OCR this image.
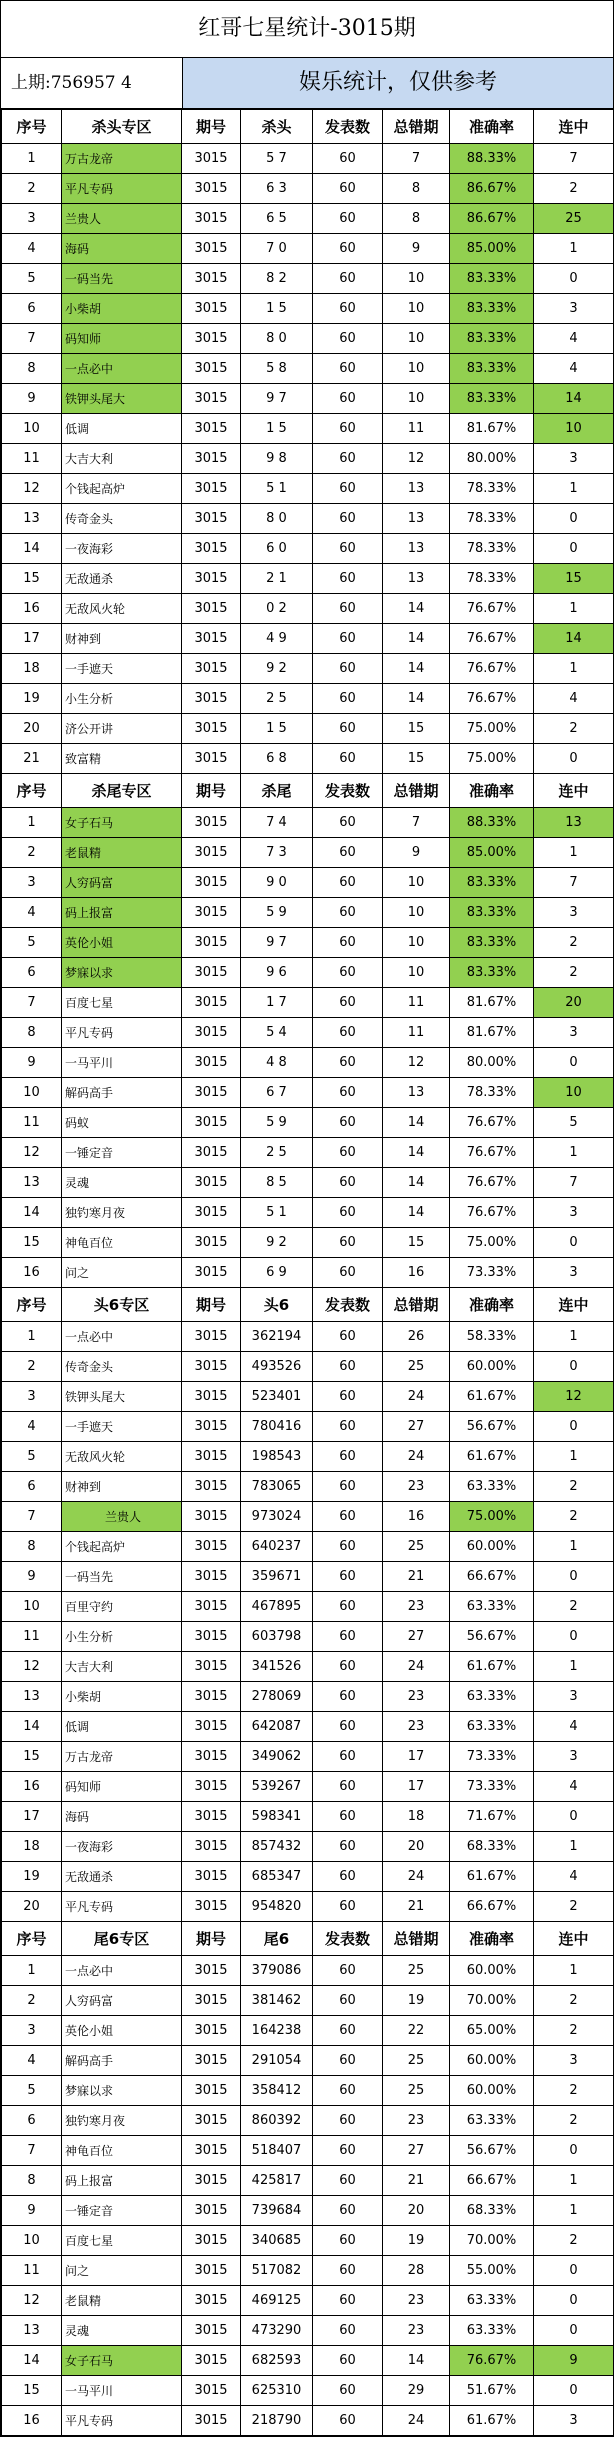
红哥七星统计-3015期
上期:756957 4	娱乐统计，仅供参考
序号	杀头专区	期号	杀头	发表数	总错期	准确率	连中
1	万古龙帝	3015	5 7	60	7	88.33%	7
2	平凡专码	3015	6 3	60	8	86.67%	2
3	兰贵人	3015	6 5	60	8	86.67%	25
4	海码	3015	7 0	60	9	85.00%	1
5	一码当先	3015	8 2	60	10	83.33%	0
6	小柴胡	3015	1 5	60	10	83.33%	3
7	码知师	3015	8 0	60	10	83.33%	4
8	一点必中	3015	5 8	60	10	83.33%	4
9	铁钾头尾大	3015	9 7	60	10	83.33%	14
10	低调	3015	1 5	60	11	81.67%	10
11	大吉大利	3015	9 8	60	12	80.00%	3
12	个钱起高炉	3015	5 1	60	13	78.33%	1
13	传奇金头	3015	8 0	60	13	78.33%	0
14	一夜海彩	3015	6 0	60	13	78.33%	0
15	无敌通杀	3015	2 1	60	13	78.33%	15
16	无敌风火轮	3015	0 2	60	14	76.67%	1
17	财神到	3015	4 9	60	14	76.67%	14
18	一手遮天	3015	9 2	60	14	76.67%	1
19	小生分析	3015	2 5	60	14	76.67%	4
20	济公开讲	3015	1 5	60	15	75.00%	2
21	致富精	3015	6 8	60	15	75.00%	0
序号	杀尾专区	期号	杀尾	发表数	总错期	准确率	连中
1	女子石马	3015	7 4	60	7	88.33%	13
2	老鼠精	3015	7 3	60	9	85.00%	1
3	人穷码富	3015	9 0	60	10	83.33%	7
4	码上报富	3015	5 9	60	10	83.33%	3
5	英伦小姐	3015	9 7	60	10	83.33%	2
6	梦寐以求	3015	9 6	60	10	83.33%	2
7	百度七星	3015	1 7	60	11	81.67%	20
8	平凡专码	3015	5 4	60	11	81.67%	3
9	一马平川	3015	4 8	60	12	80.00%	0
10	解码高手	3015	6 7	60	13	78.33%	10
11	码蚁	3015	5 9	60	14	76.67%	5
12	一锤定音	3015	2 5	60	14	76.67%	1
13	灵魂	3015	8 5	60	14	76.67%	7
14	独钓寒月夜	3015	5 1	60	14	76.67%	3
15	神龟百位	3015	9 2	60	15	75.00%	0
16	问之	3015	6 9	60	16	73.33%	3
序号	头6专区	期号	头6	发表数	总错期	准确率	连中
1	一点必中	3015	362194	60	26	58.33%	1
2	传奇金头	3015	493526	60	25	60.00%	0
3	铁钾头尾大	3015	523401	60	24	61.67%	12
4	一手遮天	3015	780416	60	27	56.67%	0
5	无敌风火轮	3015	198543	60	24	61.67%	1
6	财神到	3015	783065	60	23	63.33%	2
7	兰贵人	3015	973024	60	16	75.00%	2
8	个钱起高炉	3015	640237	60	25	60.00%	1
9	一码当先	3015	359671	60	21	66.67%	0
10	百里守约	3015	467895	60	23	63.33%	2
11	小生分析	3015	603798	60	27	56.67%	0
12	大吉大利	3015	341526	60	24	61.67%	1
13	小柴胡	3015	278069	60	23	63.33%	3
14	低调	3015	642087	60	23	63.33%	4
15	万古龙帝	3015	349062	60	17	73.33%	3
16	码知师	3015	539267	60	17	73.33%	4
17	海码	3015	598341	60	18	71.67%	0
18	一夜海彩	3015	857432	60	20	68.33%	1
19	无敌通杀	3015	685347	60	24	61.67%	4
20	平凡专码	3015	954820	60	21	66.67%	2
序号	尾6专区	期号	尾6	发表数	总错期	准确率	连中
1	一点必中	3015	379086	60	25	60.00%	1
2	人穷码富	3015	381462	60	19	70.00%	2
3	英伦小姐	3015	164238	60	22	65.00%	2
4	解码高手	3015	291054	60	25	60.00%	3
5	梦寐以求	3015	358412	60	25	60.00%	2
6	独钓寒月夜	3015	860392	60	23	63.33%	2
7	神龟百位	3015	518407	60	27	56.67%	0
8	码上报富	3015	425817	60	21	66.67%	1
9	一锤定音	3015	739684	60	20	68.33%	1
10	百度七星	3015	340685	60	19	70.00%	2
11	问之	3015	517082	60	28	55.00%	0
12	老鼠精	3015	469125	60	23	63.33%	0
13	灵魂	3015	473290	60	23	63.33%	0
14	女子石马	3015	682593	60	14	76.67%	9
15	一马平川	3015	625310	60	29	51.67%	0
16	平凡专码	3015	218790	60	24	61.67%	3
